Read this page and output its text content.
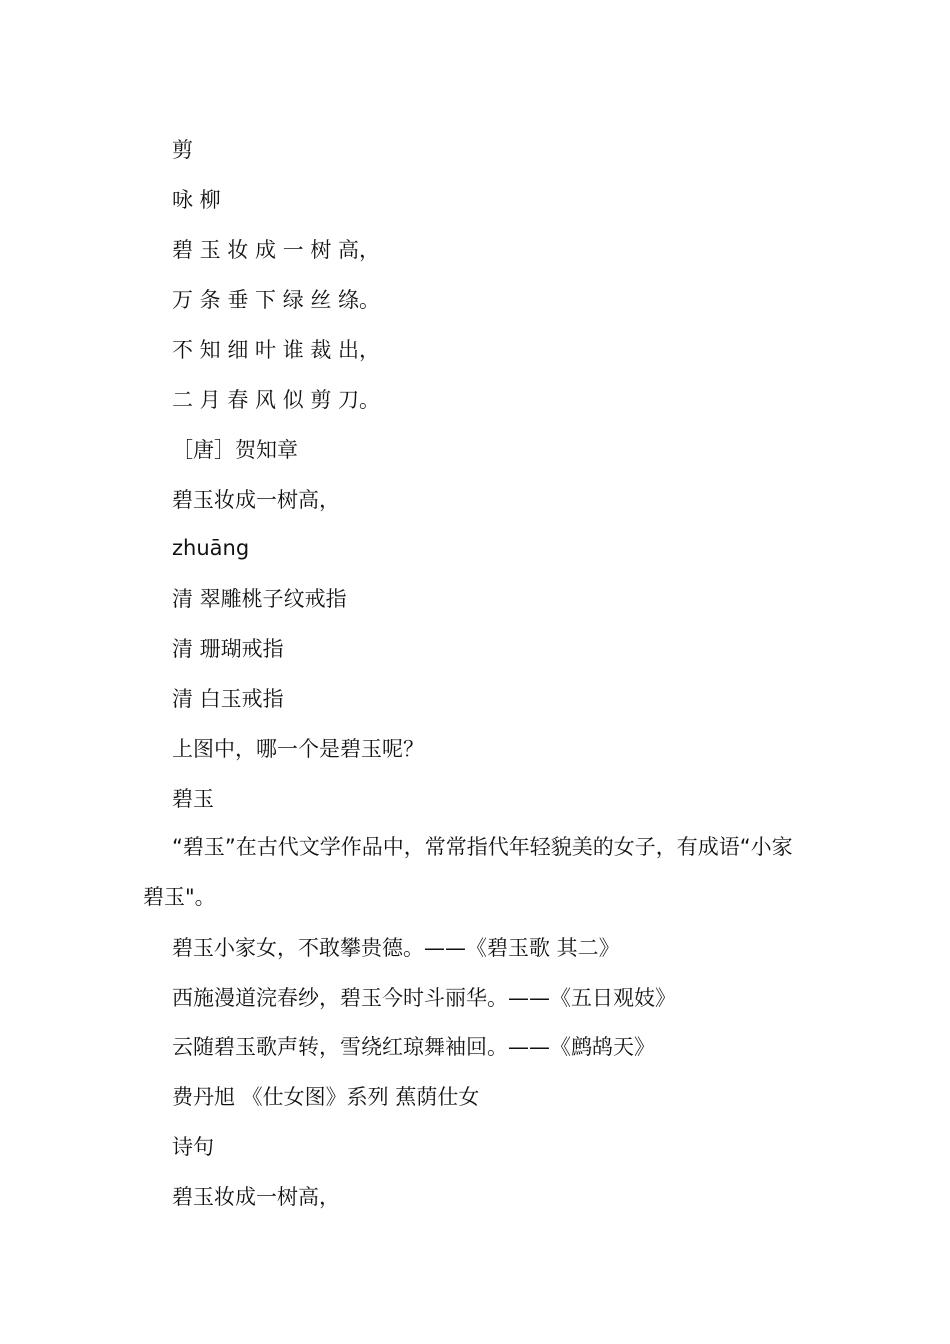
剪
咏 柳
碧 玉 妆 成 一 树 高，
万 条 垂 下 绿 丝 绦。
不 知 细 叶 谁 裁 出，
二 月 春 风 似 剪 刀。
［唐］贺知章
碧玉妆成一树高，
zhuāng
清 翠雕桃子纹戒指
清 珊瑚戒指
清 白玉戒指
上图中，哪一个是碧玉呢？
碧玉
“碧玉”在古代文学作品中，常常指代年轻貌美的女子，有成语“小家碧玉"。
碧玉小家女，不敢攀贵德。——《碧玉歌 其二》
西施漫道浣春纱，碧玉今时斗丽华。——《五日观妓》
云随碧玉歌声转，雪绕红琼舞袖回。——《鹧鸪天》
费丹旭 《仕女图》系列 蕉荫仕女
诗句
碧玉妆成一树高，
